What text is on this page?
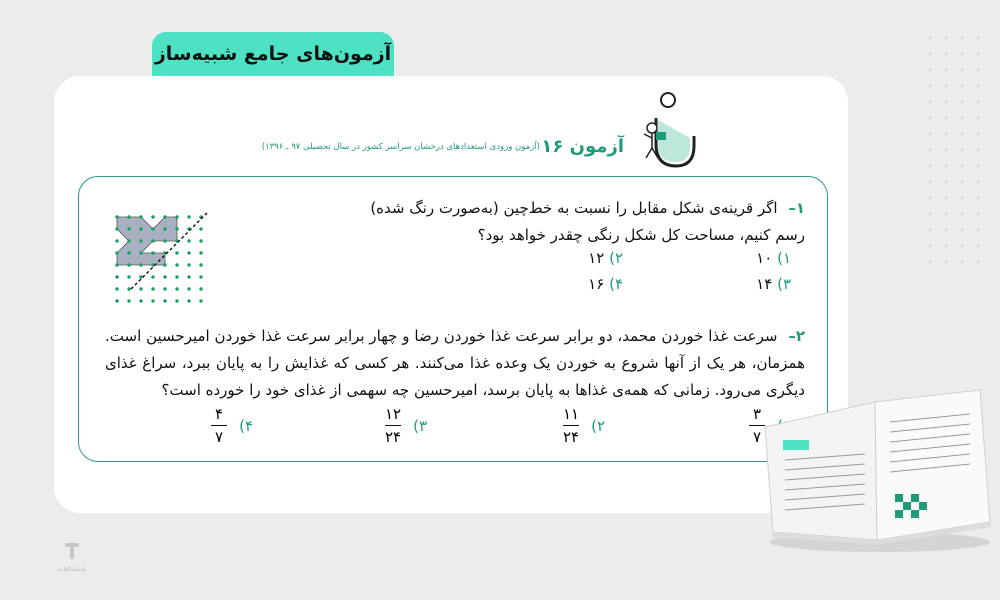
آزمون‌های جامع شبیه‌ساز
آزمون ۱۶
(آزمون ورودی استعدادهای درخشان سراسر کشور در سال تحصیلی ۹۷ ـ ۱۳۹۶)
۱– اگر قرینه‌ی شکل مقابل را نسبت به خط‌چین (به‌صورت رنگ شده) رسم کنیم، مساحت کل شکل رنگی چقدر خواهد بود؟
۱) ۱۰
۲) ۱۲
۳) ۱۴
۴) ۱۶
۲– سرعت غذا خوردن محمد، دو برابر سرعت غذا خوردن رضا و چهار برابر سرعت غذا خوردن امیرحسین است. همزمان، هر یک از آنها شروع به خوردن یک وعده غذا می‌کنند. هر کسی که غذایش را به پایان ببرد، سراغ غذای دیگری می‌رود. زمانی که همه‌ی غذاها به پایان برسد، امیرحسین چه سهمی از غذای خود را خورده است؟
۳
۷
۲)
۱۱
۲۴
۳)
۱۲
۲۴
۴)
۴
۷
پادشاه‌کتاب
